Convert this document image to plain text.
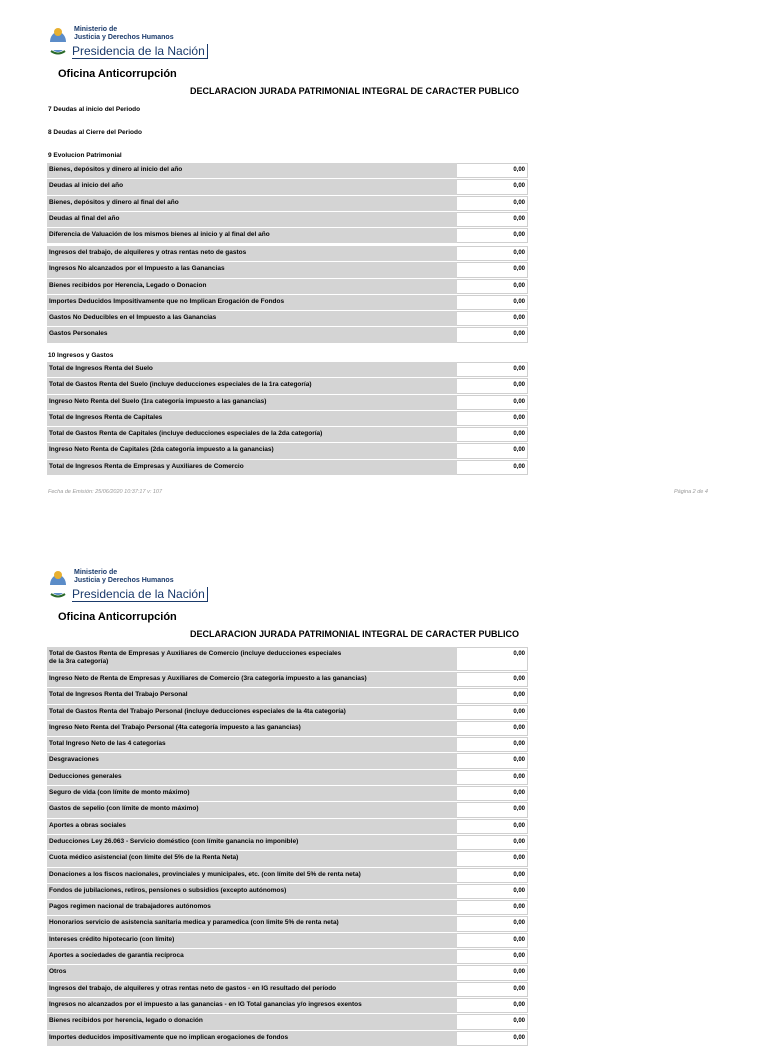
Ministerio de
Justicia y Derechos Humanos
Presidencia de la Nación
Oficina Anticorrupción
DECLARACION JURADA PATRIMONIAL INTEGRAL DE CARACTER PUBLICO
7 Deudas al inicio del Periodo
8 Deudas al Cierre del Periodo
9 Evolucion Patrimonial
Bienes, depósitos y dinero al inicio del año	0,00
Deudas al inicio del año	0,00
Bienes, depósitos y dinero al final del año	0,00
Deudas al final del año	0,00
Diferencia de Valuación de los mismos bienes al inicio y al final del año	0,00
Ingresos del trabajo, de alquileres y otras rentas neto de gastos	0,00
Ingresos No alcanzados por el Impuesto a las Ganancias	0,00
Bienes recibidos por Herencia, Legado o Donacion	0,00
Importes Deducidos Impositivamente que no Implican Erogación de Fondos	0,00
Gastos No Deducibles en el Impuesto a las Ganancias	0,00
Gastos Personales	0,00
10 Ingresos y Gastos
Total de Ingresos Renta del Suelo	0,00
Total de Gastos Renta del Suelo (incluye deducciones especiales de la 1ra categoría)	0,00
Ingreso Neto Renta del Suelo (1ra categoría impuesto a las ganancias)	0,00
Total de Ingresos Renta de Capitales	0,00
Total de Gastos Renta de Capitales (incluye deducciones especiales de la 2da categoría)	0,00
Ingreso Neto Renta de Capitales (2da categoría impuesto a la ganancias)	0,00
Total de Ingresos Renta de Empresas y Auxiliares de Comercio	0,00
Fecha de Emisión: 25/06/2020 10:37:17 v: 107	Página 2 de 4
Ministerio de
Justicia y Derechos Humanos
Presidencia de la Nación
Oficina Anticorrupción
DECLARACION JURADA PATRIMONIAL INTEGRAL DE CARACTER PUBLICO
Total de Gastos Renta de Empresas y Auxiliares de Comercio (incluye deducciones especiales
de la 3ra categoría)
0,00
Ingreso Neto de Renta de Empresas y Auxiliares de Comercio (3ra categoría impuesto a las ganancias)	0,00
Total de Ingresos Renta del Trabajo Personal	0,00
Total de Gastos Renta del Trabajo Personal (incluye deducciones especiales de la 4ta categoría)	0,00
Ingreso Neto Renta del Trabajo Personal (4ta categoría impuesto a las ganancias)	0,00
Total Ingreso Neto de las 4 categorías	0,00
Desgravaciones	0,00
Deducciones generales	0,00
Seguro de vida (con límite de monto máximo)	0,00
Gastos de sepelio (con límite de monto máximo)	0,00
Aportes a obras sociales	0,00
Deducciones Ley 26.063 - Servicio doméstico (con límite ganancia no imponible)	0,00
Cuota médico asistencial (con límite del 5% de la Renta Neta)	0,00
Donaciones a los fiscos nacionales, provinciales y municipales, etc. (con límite del 5% de renta neta)	0,00
Fondos de jubilaciones, retiros, pensiones o subsidios (excepto autónomos)	0,00
Pagos regimen nacional de trabajadores autónomos	0,00
Honorarios servicio de asistencia sanitaria medica y paramedica (con limite 5% de renta neta)	0,00
Intereses crédito hipotecario (con límite)	0,00
Aportes a sociedades de garantía recíproca	0,00
Otros	0,00
Ingresos del trabajo, de alquileres y otras rentas neto de gastos - en IG resultado del período	0,00
Ingresos no alcanzados por el impuesto a las ganancias - en IG Total ganancias y/o ingresos exentos	0,00
Bienes recibidos por herencia, legado o donación	0,00
Importes deducidos impositivamente que no implican erogaciones de fondos	0,00
